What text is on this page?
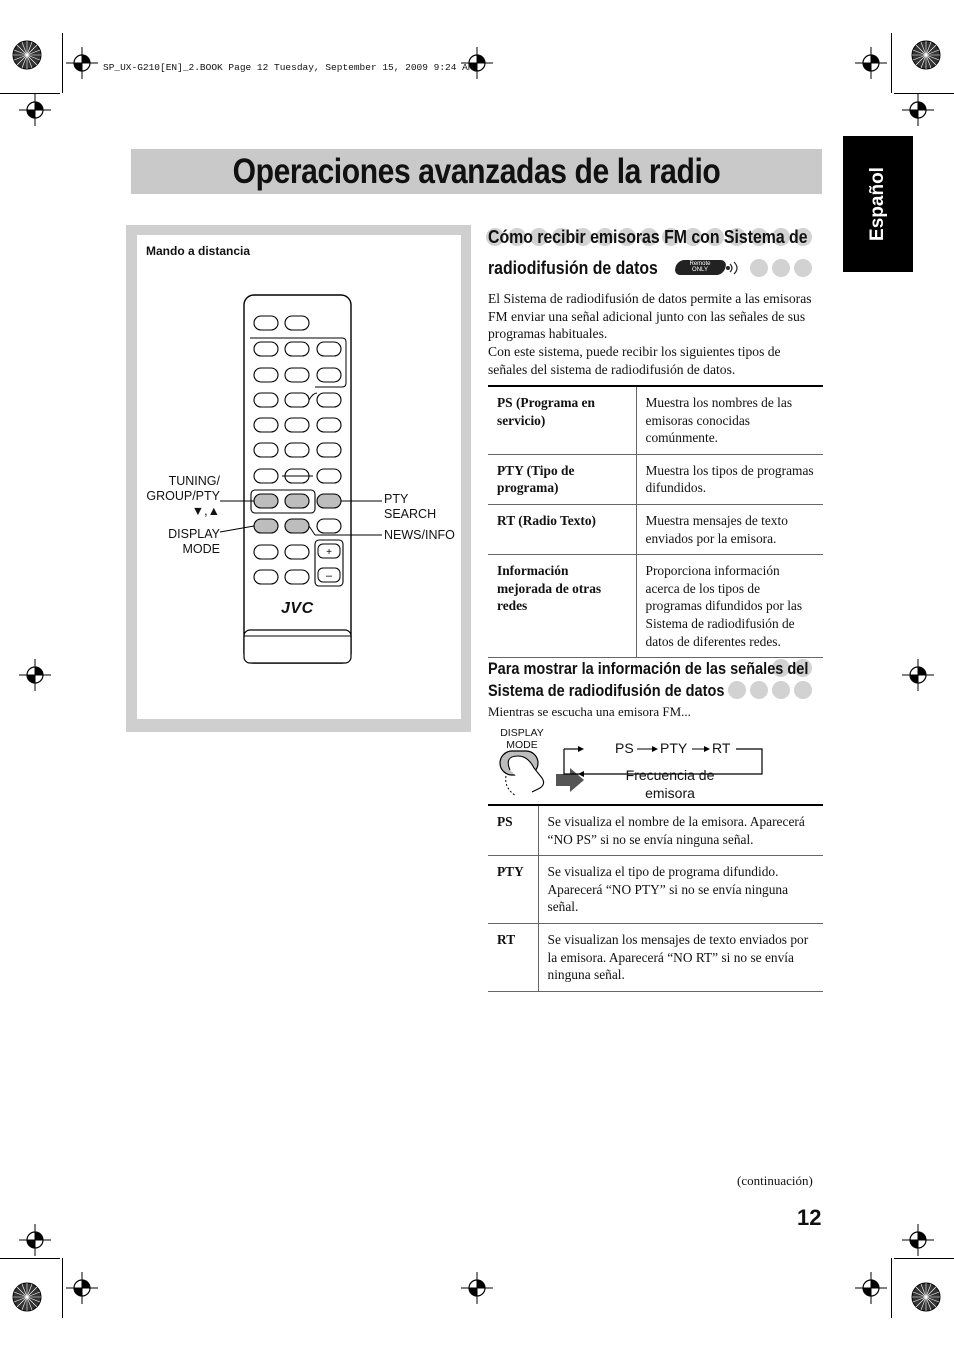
SP_UX-G210[EN]_2.BOOK Page 12 Tuesday, September 15, 2009 9:24 AM
Operaciones avanzadas de la radio	Español
Mando a distancia
+
–
JVC
TUNING/
GROUP/PTY
▼,▲
DISPLAY
MODE
PTY
SEARCH
NEWS/INFO
Cómo recibir emisoras FM con Sistema de
radiodifusión de datos	Remote ONLY
El Sistema de radiodifusión de datos permite a las emisoras FM enviar una señal adicional junto con las señales de sus programas habituales.
Con este sistema, puede recibir los siguientes tipos de señales del sistema de radiodifusión de datos.
PS (Programa en servicio)	Muestra los nombres de las emisoras conocidas comúnmente.
PTY (Tipo de programa)	Muestra los tipos de programas difundidos.
RT (Radio Texto)	Muestra mensajes de texto enviados por la emisora.
Información mejorada de otras redes	Proporciona información acerca de los tipos de programas difundidos por las Sistema de radiodifusión de datos de diferentes redes.
Para mostrar la información de las señales del
Sistema de radiodifusión de datos
Mientras se escucha una emisora FM...
DISPLAY
MODE	PS PTY RT
Frecuencia de
emisora
PS	Se visualiza el nombre de la emisora. Aparecerá “NO PS” si no se envía ninguna señal.
PTY	Se visualiza el tipo de programa difundido. Aparecerá “NO PTY” si no se envía ninguna señal.
RT	Se visualizan los mensajes de texto enviados por la emisora. Aparecerá “NO RT” si no se envía ninguna señal.
(continuación)
12
